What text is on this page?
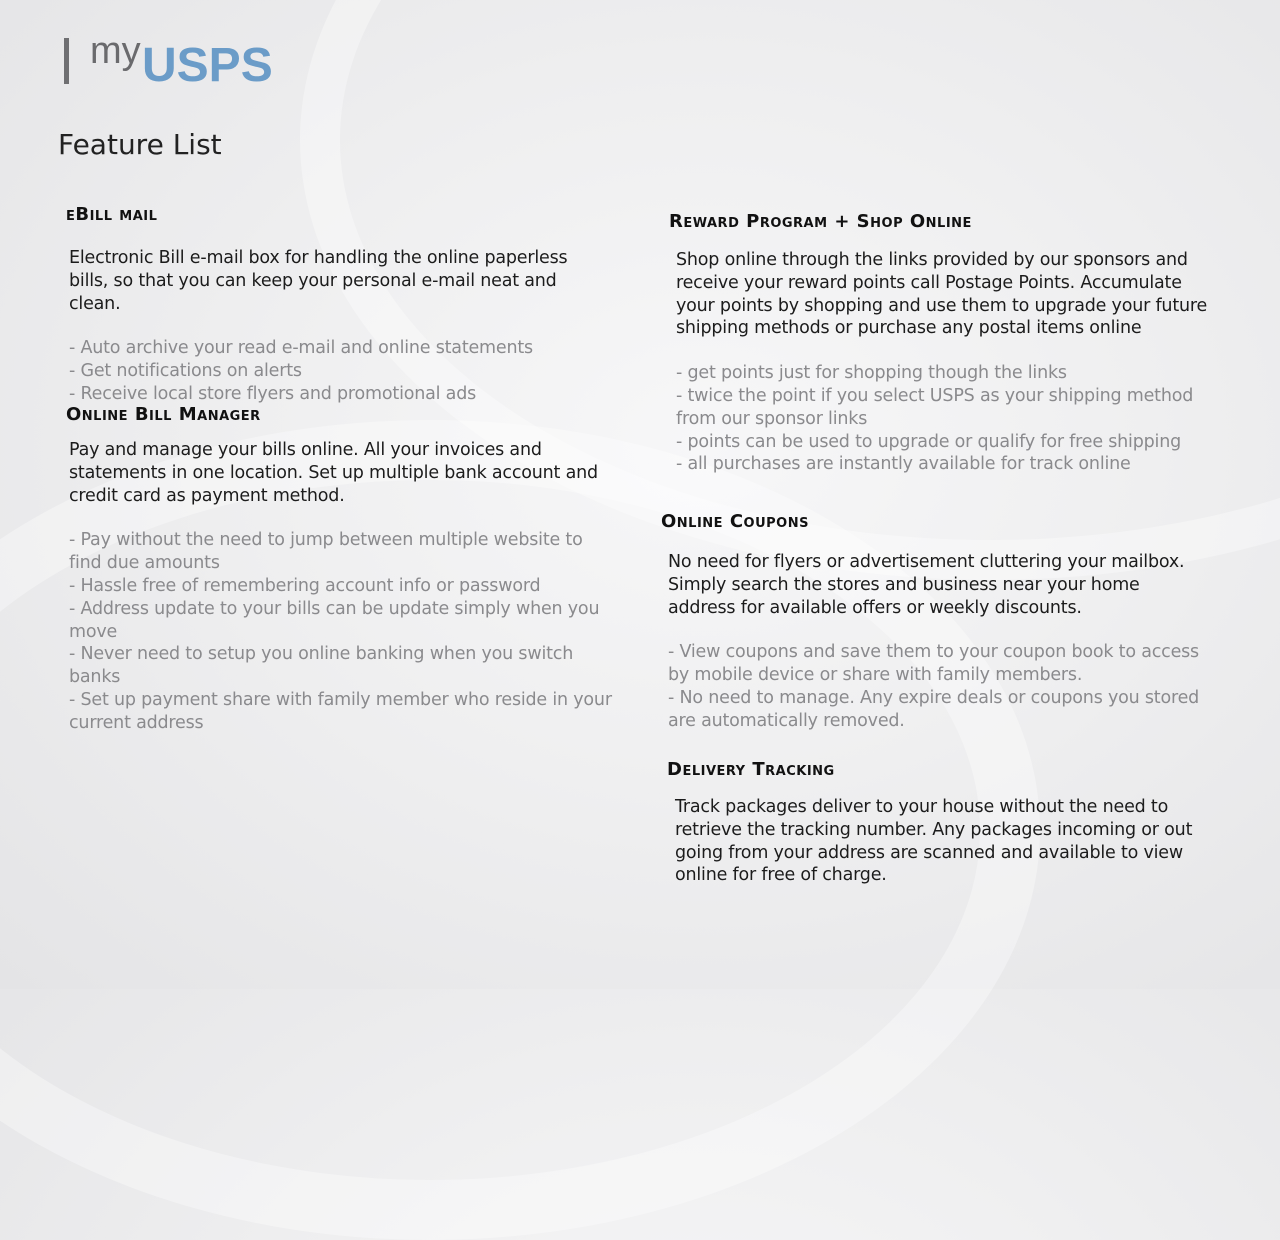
my USPS
Feature List
eBill mail

Electronic Bill e-mail box for handling the online paperless bills, so that you can keep your personal e-mail neat and clean.

- Auto archive your read e-mail and online statements
- Get notifications on alerts
- Receive local store flyers and promotional ads
Online Bill Manager

Pay and manage your bills online. All your invoices and statements in one location. Set up multiple bank account and credit card as payment method.

- Pay without the need to jump between multiple website to find due amounts
- Hassle free of remembering account info or password
- Address update to your bills can be update simply when you move
- Never need to setup you online banking when you switch banks
- Set up payment share with family member who reside in your current address
Reward Program + Shop Online

Shop online through the links provided by our sponsors and receive your reward points call Postage Points. Accumulate your points by shopping and use them to upgrade your future shipping methods or purchase any postal items online

- get points just for shopping though the links
- twice the point if you select USPS as your shipping method from our sponsor links
- points can be used to upgrade or qualify for free shipping
- all purchases are instantly available for track online
Online Coupons

No need for flyers or advertisement cluttering your mailbox. Simply search the stores and business near your home address for available offers or weekly discounts.

- View coupons and save them to your coupon book to access by mobile device or share with family members.
- No need to manage. Any expire deals or coupons you stored are automatically removed.
Delivery Tracking

Track packages deliver to your house without the need to retrieve the tracking number. Any packages incoming or out going from your address are scanned and available to view online for free of charge.
